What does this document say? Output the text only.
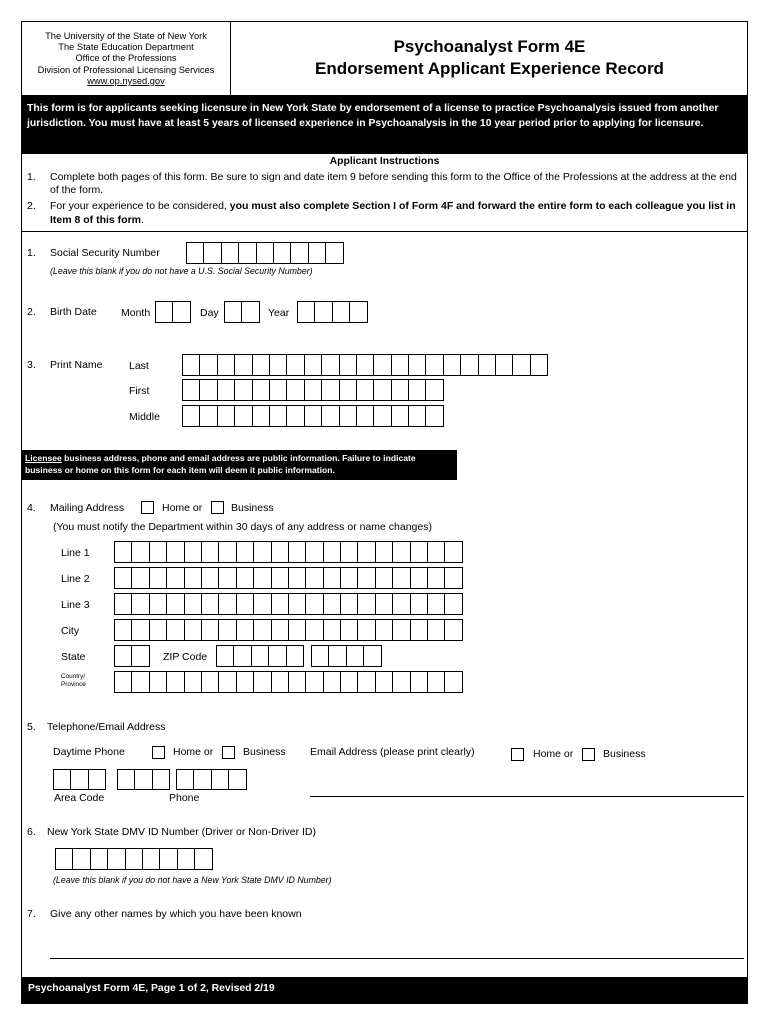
The University of the State of New York
The State Education Department
Office of the Professions
Division of Professional Licensing Services
www.op.nysed.gov
Psychoanalyst Form 4E
Endorsement Applicant Experience Record
This form is for applicants seeking licensure in New York State by endorsement of a license to practice Psychoanalysis issued from another jurisdiction. You must have at least 5 years of licensed experience in Psychoanalysis in the 10 year period prior to applying for licensure.
Applicant Instructions
1. Complete both pages of this form. Be sure to sign and date item 9 before sending this form to the Office of the Professions at the address at the end of the form.
2. For your experience to be considered, you must also complete Section I of Form 4F and forward the entire form to each colleague you list in Item 8 of this form.
1. Social Security Number
(Leave this blank if you do not have a U.S. Social Security Number)
2. Birth Date Month	Day	Year
3. Print Name	Last
First
Middle
Licensee business address, phone and email address are public information. Failure to indicate business or home on this form for each item will deem it public information.
4. Mailing Address	Home or	Business
(You must notify the Department within 30 days of any address or name changes)
Line 1
Line 2
Line 3
City
State	ZIP Code
Country/
Province
5. Telephone/Email Address
Daytime Phone	Home or	Business Email Address (please print clearly)	Home or	Business
Area Code	Phone
6. New York State DMV ID Number (Driver or Non-Driver ID)
(Leave this blank if you do not have a New York State DMV ID Number)
7. Give any other names by which you have been known
Psychoanalyst Form 4E, Page 1 of 2, Revised 2/19
